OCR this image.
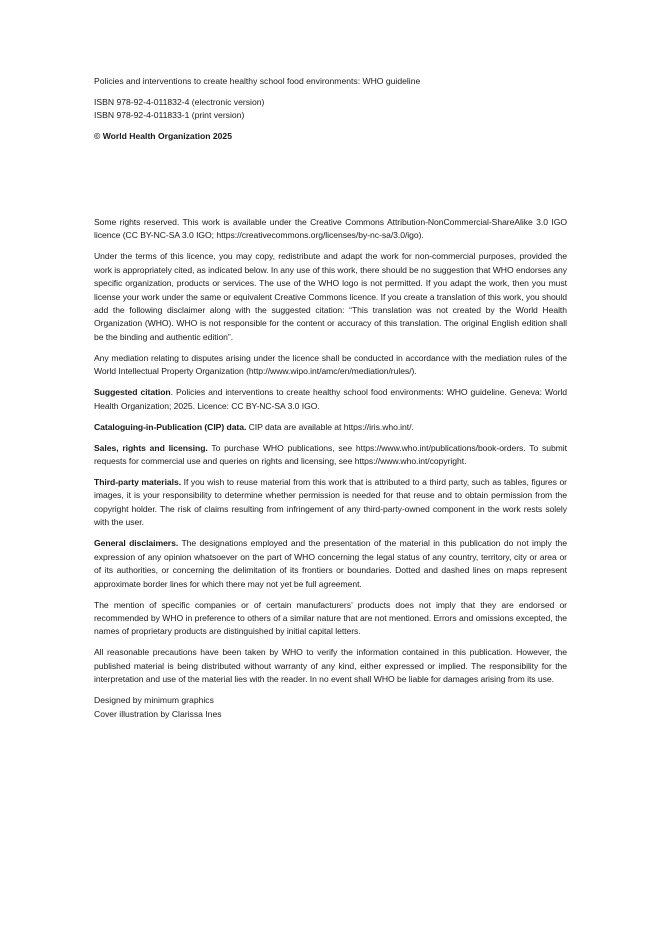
Policies and interventions to create healthy school food environments: WHO guideline

ISBN 978-92-4-011832-4 (electronic version)

ISBN 978-92-4-011833-1 (print version)

© World Health Organization 2025

Some rights reserved. This work is available under the Creative Commons Attribution-NonCommercial-ShareAlike 3.0 IGO licence (CC BY-NC-SA 3.0 IGO; https://creativecommons.org/licenses/by-nc-sa/3.0/igo).

Under the terms of this licence, you may copy, redistribute and adapt the work for non-commercial purposes, provided the work is appropriately cited, as indicated below. In any use of this work, there should be no suggestion that WHO endorses any specific organization, products or services. The use of the WHO logo is not permitted. If you adapt the work, then you must license your work under the same or equivalent Creative Commons licence. If you create a translation of this work, you should add the following disclaimer along with the suggested citation: “This translation was not created by the World Health Organization (WHO). WHO is not responsible for the content or accuracy of this translation. The original English edition shall be the binding and authentic edition”.

Any mediation relating to disputes arising under the licence shall be conducted in accordance with the mediation rules of the World Intellectual Property Organization (http://www.wipo.int/amc/en/mediation/rules/).

Suggested citation. Policies and interventions to create healthy school food environments: WHO guideline. Geneva: World Health Organization; 2025. Licence: CC BY-NC-SA 3.0 IGO.

Cataloguing-in-Publication (CIP) data. CIP data are available at https://iris.who.int/.

Sales, rights and licensing. To purchase WHO publications, see https://www.who.int/publications/book-orders. To submit requests for commercial use and queries on rights and licensing, see https://www.who.int/copyright.

Third-party materials. If you wish to reuse material from this work that is attributed to a third party, such as tables, figures or images, it is your responsibility to determine whether permission is needed for that reuse and to obtain permission from the copyright holder. The risk of claims resulting from infringement of any third-party-owned component in the work rests solely with the user.

General disclaimers. The designations employed and the presentation of the material in this publication do not imply the expression of any opinion whatsoever on the part of WHO concerning the legal status of any country, territory, city or area or of its authorities, or concerning the delimitation of its frontiers or boundaries. Dotted and dashed lines on maps represent approximate border lines for which there may not yet be full agreement.

The mention of specific companies or of certain manufacturers’ products does not imply that they are endorsed or recommended by WHO in preference to others of a similar nature that are not mentioned. Errors and omissions excepted, the names of proprietary products are distinguished by initial capital letters.

All reasonable precautions have been taken by WHO to verify the information contained in this publication. However, the published material is being distributed without warranty of any kind, either expressed or implied. The responsibility for the interpretation and use of the material lies with the reader. In no event shall WHO be liable for damages arising from its use.

Designed by minimum graphics

Cover illustration by Clarissa Ines
